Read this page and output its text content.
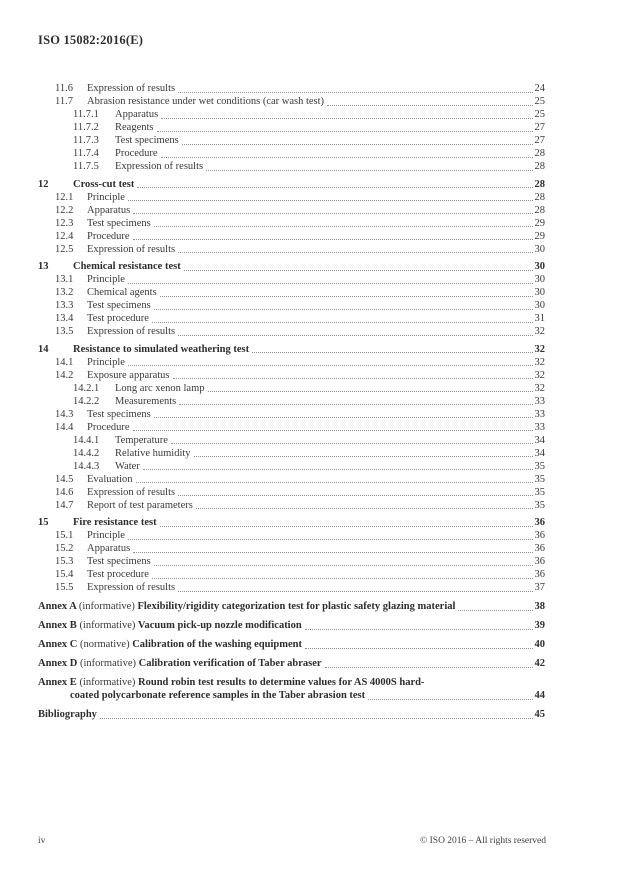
ISO 15082:2016(E)
11.6	Expression of results	24
11.7	Abrasion resistance under wet conditions (car wash test)	25
11.7.1	Apparatus	25
11.7.2	Reagents	27
11.7.3	Test specimens	27
11.7.4	Procedure	28
11.7.5	Expression of results	28
12	Cross-cut test	28
12.1	Principle	28
12.2	Apparatus	28
12.3	Test specimens	29
12.4	Procedure	29
12.5	Expression of results	30
13	Chemical resistance test	30
13.1	Principle	30
13.2	Chemical agents	30
13.3	Test specimens	30
13.4	Test procedure	31
13.5	Expression of results	32
14	Resistance to simulated weathering test	32
14.1	Principle	32
14.2	Exposure apparatus	32
14.2.1	Long arc xenon lamp	32
14.2.2	Measurements	33
14.3	Test specimens	33
14.4	Procedure	33
14.4.1	Temperature	34
14.4.2	Relative humidity	34
14.4.3	Water	35
14.5	Evaluation	35
14.6	Expression of results	35
14.7	Report of test parameters	35
15	Fire resistance test	36
15.1	Principle	36
15.2	Apparatus	36
15.3	Test specimens	36
15.4	Test procedure	36
15.5	Expression of results	37
Annex A (informative) Flexibility/rigidity categorization test for plastic safety glazing material	38
Annex B (informative) Vacuum pick-up nozzle modification	39
Annex C (normative) Calibration of the washing equipment	40
Annex D (informative) Calibration verification of Taber abraser	42
Annex E (informative) Round robin test results to determine values for AS 4000S hard-
coated polycarbonate reference samples in the Taber abrasion test	44
Bibliography	45
iv	© ISO 2016 – All rights reserved
